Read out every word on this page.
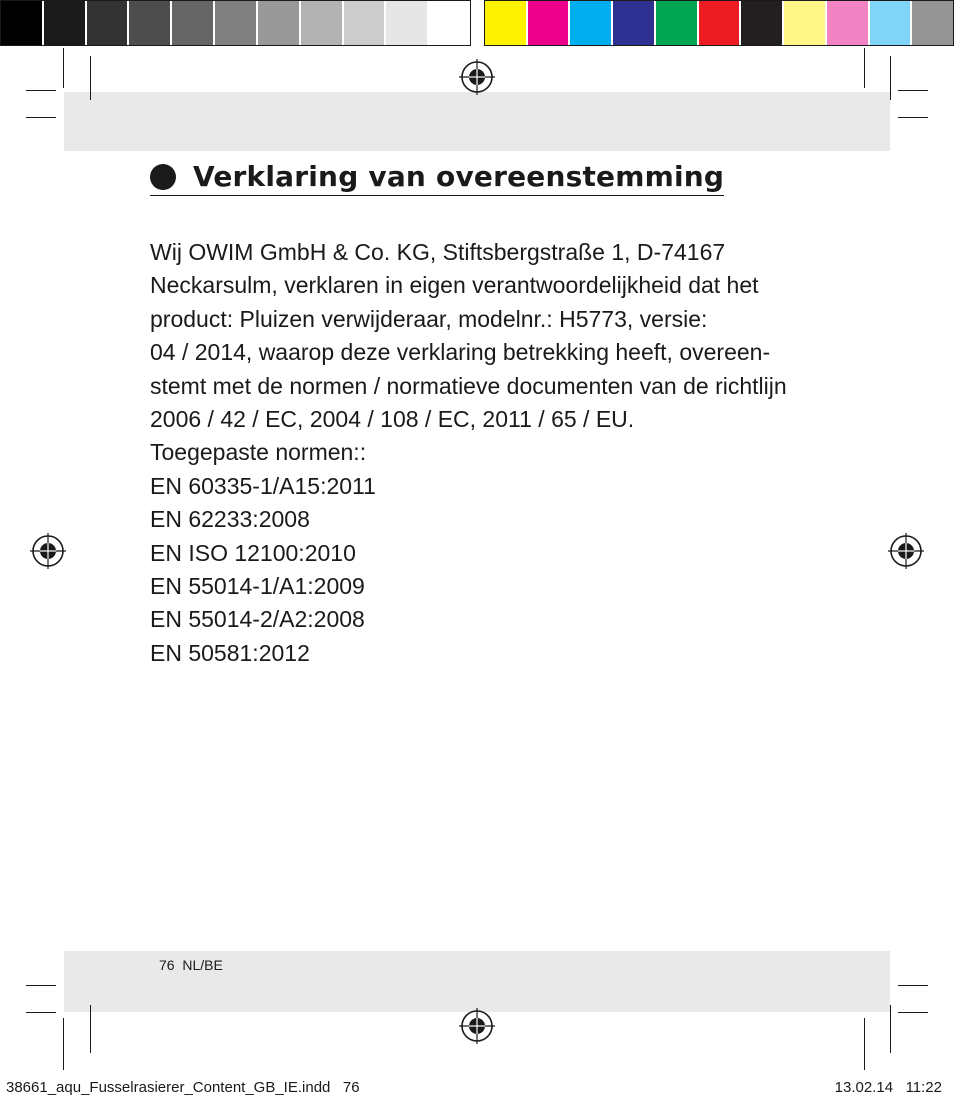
Verklaring van overeenstemming
Wij OWIM GmbH & Co. KG, Stiftsbergstraße 1, D-74167
Neckarsulm, verklaren in eigen verantwoordelijkheid dat het
product: Pluizen verwijderaar, modelnr.: H5773, versie:
04 / 2014, waarop deze verklaring betrekking heeft, overeen-
stemt met de normen / normatieve documenten van de richtlijn
2006 / 42 / EC, 2004 / 108 / EC, 2011 / 65 / EU.
Toegepaste normen::
EN 60335-1/A15:2011
EN 62233:2008
EN ISO 12100:2010
EN 55014-1/A1:2009
EN 55014-2/A2:2008
EN 50581:2012
76 NL/BE
38661_aqu_Fusselrasierer_Content_GB_IE.indd 76	13.02.14 11:22
